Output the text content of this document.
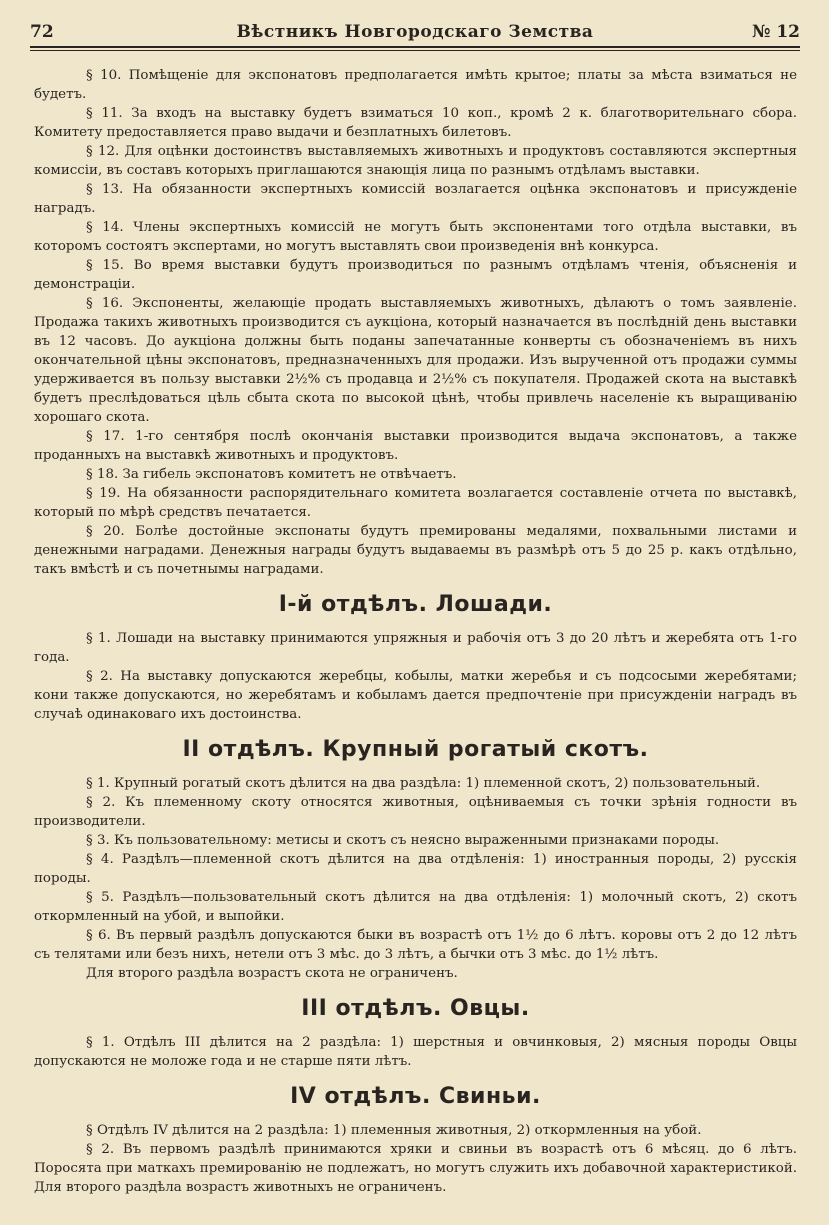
72	Вѣстникъ Новгородскаго Земства	№ 12

§ 10. Помѣщеніе для экспонатовъ предполагается имѣть крытое; платы за мѣста взиматься не будетъ.

§ 11. За входъ на выставку будетъ взиматься 10 коп., кромѣ 2 к. благотворительнаго сбора. Комитету предоставляется право выдачи и безплатныхъ билетовъ.

§ 12. Для оцѣнки достоинствъ выставляемыхъ животныхъ и продуктовъ составляются экспертныя комиссіи, въ составъ которыхъ приглашаются знающія лица по разнымъ отдѣламъ выставки.

§ 13. На обязанности экспертныхъ комиссій возлагается оцѣнка экспонатовъ и присужденіе наградъ.

§ 14. Члены экспертныхъ комиссій не могутъ быть экспонентами того отдѣла выставки, въ которомъ состоятъ экспертами, но могутъ выставлять свои произведенія внѣ конкурса.

§ 15. Во время выставки будутъ производиться по разнымъ отдѣламъ чтенія, объясненія и демонстраціи.

§ 16. Экспоненты, желающіе продать выставляемыхъ животныхъ, дѣлаютъ о томъ заявленіе. Продажа такихъ животныхъ производится съ аукціона, который назначается въ послѣдній день выставки въ 12 часовъ. До аукціона должны быть поданы запечатанные конверты съ обозначеніемъ въ нихъ окончательной цѣны экспонатовъ, предназначенныхъ для продажи. Изъ вырученной отъ продажи суммы удерживается въ пользу выставки 2½% съ продавца и 2½% съ покупателя. Продажей скота на выставкѣ будетъ преслѣдоваться цѣль сбыта скота по высокой цѣнѣ, чтобы привлечь населеніе къ выращиванію хорошаго скота.

§ 17. 1-го сентября послѣ окончанія выставки производится выдача экспонатовъ, а также проданныхъ на выставкѣ животныхъ и продуктовъ.

§ 18. За гибель экспонатовъ комитетъ не отвѣчаетъ.

§ 19. На обязанности распорядительнаго комитета возлагается составленіе отчета по выставкѣ, который по мѣрѣ средствъ печатается.

§ 20. Болѣе достойные экспонаты будутъ премированы медалями, похвальными листами и денежными наградами. Денежныя награды будутъ выдаваемы въ размѣрѣ отъ 5 до 25 р. какъ отдѣльно, такъ вмѣстѣ и съ почетнымы наградами.

I-й отдѣлъ. Лошади.

§ 1. Лошади на выставку принимаются упряжныя и рабочія отъ 3 до 20 лѣтъ и жеребята отъ 1-го года.

§ 2. На выставку допускаются жеребцы, кобылы, матки жеребья и съ подсосыми жеребятами; кони также допускаются, но жеребятамъ и кобыламъ дается предпочтеніе при присужденіи наградъ въ случаѣ одинаковаго ихъ достоинства.

II отдѣлъ. Крупный рогатый скотъ.

§ 1. Крупный рогатый скотъ дѣлится на два раздѣла: 1) племенной скотъ, 2) пользовательный.

§ 2. Къ племенному скоту относятся животныя, оцѣниваемыя съ точки зрѣнія годности въ производители.

§ 3. Къ пользовательному: метисы и скотъ съ неясно выраженными признаками породы.

§ 4. Раздѣлъ—племенной скотъ дѣлится на два отдѣленія: 1) иностранныя породы, 2) русскія породы.

§ 5. Раздѣлъ—пользовательный скотъ дѣлится на два отдѣленія: 1) молочный скотъ, 2) скотъ откормленный на убой, и выпойки.

§ 6. Въ первый раздѣлъ допускаются быки въ возрастѣ отъ 1½ до 6 лѣтъ. коровы отъ 2 до 12 лѣтъ съ телятами или безъ нихъ, нетели отъ 3 мѣс. до 3 лѣтъ, а бычки отъ 3 мѣс. до 1½ лѣтъ.

Для второго раздѣла возрастъ скота не ограниченъ.

III отдѣлъ. Овцы.

§ 1. Отдѣлъ III дѣлится на 2 раздѣла: 1) шерстныя и овчинковыя, 2) мясныя породы Овцы допускаются не моложе года и не старше пяти лѣтъ.

IV отдѣлъ. Свиньи.

§ Отдѣлъ IV дѣлится на 2 раздѣла: 1) племенныя животныя, 2) откормленныя на убой.

§ 2. Въ первомъ раздѣлѣ принимаются хряки и свиньи въ возрастѣ отъ 6 мѣсяц. до 6 лѣтъ. Поросята при маткахъ премированію не подлежатъ, но могутъ служить ихъ добавочной характеристикой. Для второго раздѣла возрастъ животныхъ не ограниченъ.
